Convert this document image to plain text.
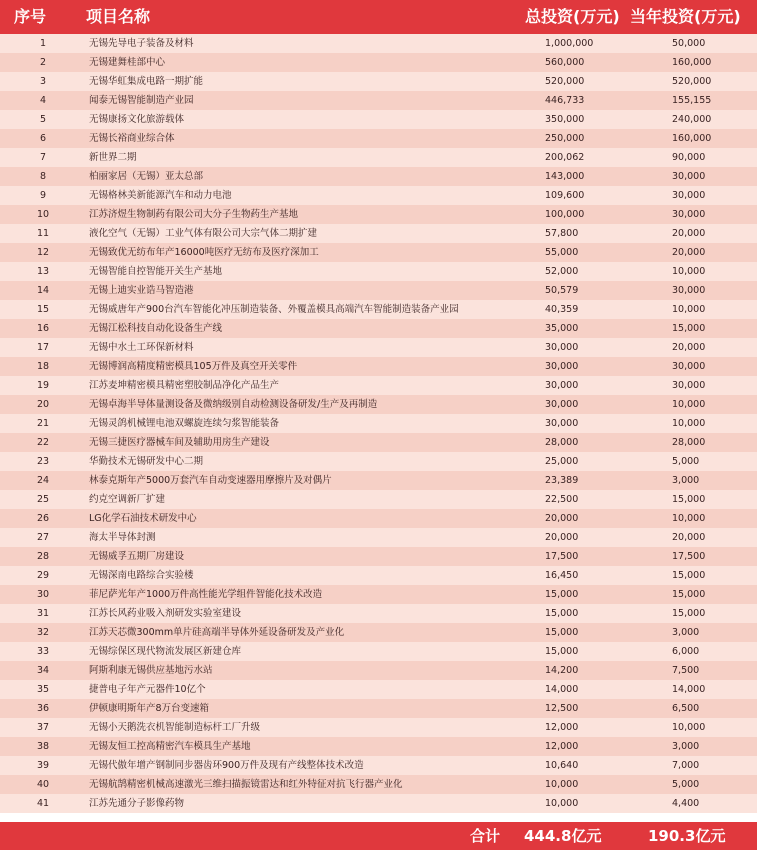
序号 项目名称	总投资(万元) 当年投资(万元)
1	无锡先导电子装备及材料	1,000,000	50,000
2	无锡建舞桂部中心	560,000	160,000
3	无锡华虹集成电路一期扩能	520,000	520,000
4	闻泰无锡智能制造产业园	446,733	155,155
5	无锡康扬文化旅游载体	350,000	240,000
6	无锡长裕商业综合体	250,000	160,000
7	新世界二期	200,062	90,000
8	柏丽家居（无锡）亚太总部	143,000	30,000
9	无锡格林美新能源汽车和动力电池	109,600	30,000
10	江苏济煜生物制药有限公司大分子生物药生产基地	100,000	30,000
11	液化空气（无锡）工业气体有限公司大宗气体二期扩建	57,800	20,000
12	无锡致优无纺布年产16000吨医疗无纺布及医疗深加工	55,000	20,000
13	无锡智能自控智能开关生产基地	52,000	10,000
14	无锡上迪实业诰马智造港	50,579	30,000
15	无锡威唐年产900台汽车智能化冲压制造装备、外覆盖模具高端汽车智能制造装备产业园	40,359	10,000
16	无锡江松科技自动化设备生产线	35,000	15,000
17	无锡中水土工环保新材料	30,000	20,000
18	无锡博润高精度精密模具105万件及真空开关零件	30,000	30,000
19	江苏麦坤精密模具精密塑胶制品净化产品生产	30,000	30,000
20	无锡卓海半导体量测设备及微纳级别自动检测设备研发/生产及再制造	30,000	10,000
21	无锡灵鸽机械锂电池双螺旋连续匀浆智能装备	30,000	10,000
22	无锡三捷医疗器械车间及辅助用房生产建设	28,000	28,000
23	华勤技术无锡研发中心二期	25,000	5,000
24	林泰克斯年产5000万套汽车自动变速器用摩擦片及对偶片	23,389	3,000
25	约克空调新厂扩建	22,500	15,000
26	LG化学石油技术研发中心	20,000	10,000
27	海太半导体封测	20,000	20,000
28	无锡威孚五期厂房建设	17,500	17,500
29	无锡深南电路综合实验楼	16,450	15,000
30	菲尼萨光年产1000万件高性能光学组件智能化技术改造	15,000	15,000
31	江苏长风药业吸入剂研发实验室建设	15,000	15,000
32	江苏天芯微300mm单片硅高端半导体外延设备研发及产业化	15,000	3,000
33	无锡综保区现代物流发展区新建仓库	15,000	6,000
34	阿斯利康无锡供应基地污水站	14,200	7,500
35	捷普电子年产元器件10亿个	14,000	14,000
36	伊顿康明斯年产8万台变速箱	12,500	6,500
37	无锡小天鹅洗衣机智能制造标杆工厂升级	12,000	10,000
38	无锡友恒工控高精密汽车模具生产基地	12,000	3,000
39	无锡代傲年增产钢制同步器齿环900万件及现有产线整体技术改造	10,640	7,000
40	无锡航鹄精密机械高速激光三维扫描振镜雷达和红外特征对抗飞行器产业化	10,000	5,000
41	江苏先通分子影像药物	10,000	4,400
合计 444.8亿元	190.3亿元
